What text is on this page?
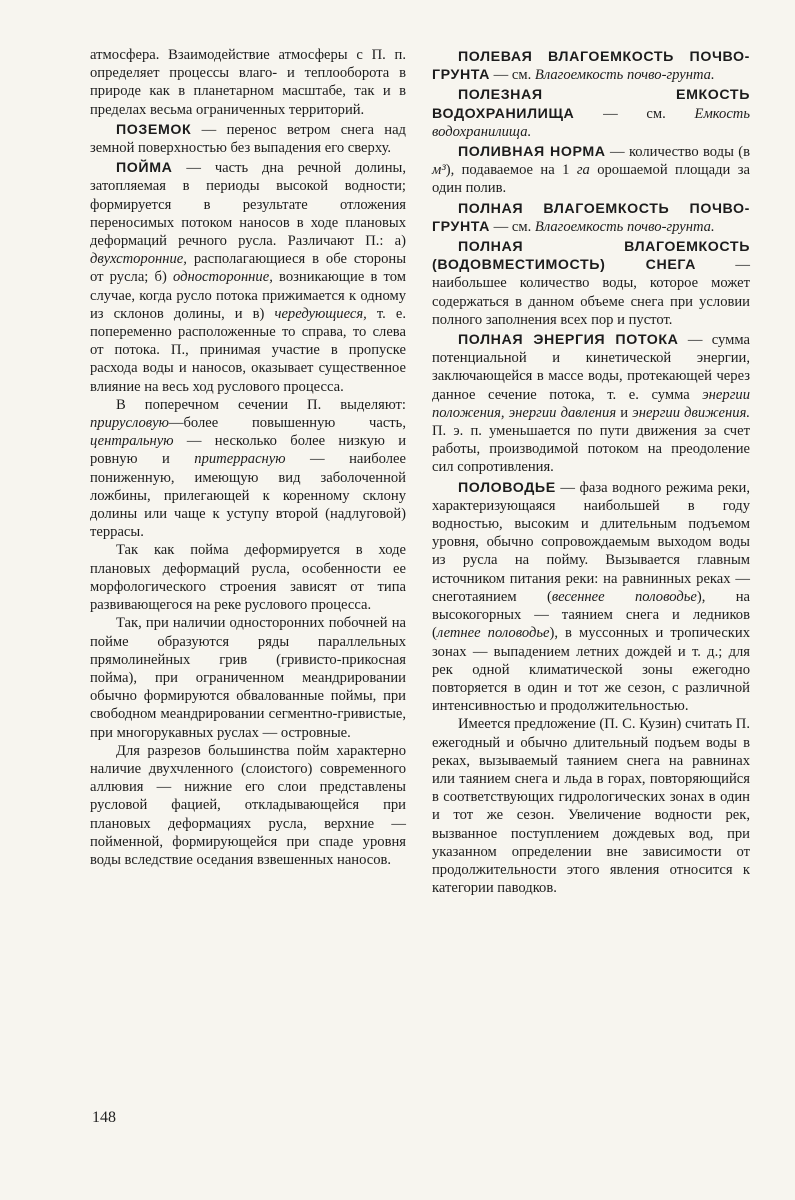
атмосфера. Взаимодействие атмосферы с П. п. определяет процессы влаго- и теплооборота в природе как в планетарном масштабе, так и в пределах весьма ограниченных территорий.

ПОЗЕМОК — перенос ветром снега над земной поверхностью без выпадения его сверху.

ПОЙМА — часть дна речной долины, затопляемая в периоды высокой водности; формируется в результате отложения переносимых потоком наносов в ходе плановых деформаций речного русла. Различают П.: а) двухсторонние, располагающиеся в обе стороны от русла; б) односторонние, возникающие в том случае, когда русло потока прижимается к одному из склонов долины, и в) чередующиеся, т. е. попеременно расположенные то справа, то слева от потока. П., принимая участие в пропуске расхода воды и наносов, оказывает существенное влияние на весь ход руслового процесса.

В поперечном сечении П. выделяют: прирусловую—более повышенную часть, центральную — несколько более низкую и ровную и притеррасную — наиболее пониженную, имеющую вид заболоченной ложбины, прилегающей к коренному склону долины или чаще к уступу второй (надлуговой) террасы.

Так как пойма деформируется в ходе плановых деформаций русла, особенности ее морфологического строения зависят от типа развивающегося на реке руслового процесса.

Так, при наличии односторонних побочней на пойме образуются ряды параллельных прямолинейных грив (гривисто-прикосная пойма), при ограниченном меандрировании обычно формируются обвалованные поймы, при свободном меандрировании сегментно-гривистые, при многорукавных руслах — островные.

Для разрезов большинства пойм характерно наличие двухчленного (слоистого) современного аллювия — нижние его слои представлены русловой фацией, откладывающейся при плановых деформациях русла, верхние — пойменной, формирующейся при спаде уровня воды вследствие оседания взвешенных наносов.

ПОЛЕВАЯ ВЛАГОЕМКОСТЬ ПОЧВО-ГРУНТА — см. Влагоемкость почво-грунта.

ПОЛЕЗНАЯ ЕМКОСТЬ ВОДОХРАНИЛИЩА — см. Емкость водохранилища.

ПОЛИВНАЯ НОРМА — количество воды (в м³), подаваемое на 1 га орошаемой площади за один полив.

ПОЛНАЯ ВЛАГОЕМКОСТЬ ПОЧВО-ГРУНТА — см. Влагоемкость почво-грунта.

ПОЛНАЯ ВЛАГОЕМКОСТЬ (ВОДОВМЕСТИМОСТЬ) СНЕГА — наибольшее количество воды, которое может содержаться в данном объеме снега при условии полного заполнения всех пор и пустот.

ПОЛНАЯ ЭНЕРГИЯ ПОТОКА — сумма потенциальной и кинетической энергии, заключающейся в массе воды, протекающей через данное сечение потока, т. е. сумма энергии положения, энергии давления и энергии движения. П. э. п. уменьшается по пути движения за счет работы, производимой потоком на преодоление сил сопротивления.

ПОЛОВОДЬЕ — фаза водного режима реки, характеризующаяся наибольшей в году водностью, высоким и длительным подъемом уровня, обычно сопровождаемым выходом воды из русла на пойму. Вызывается главным источником питания реки: на равнинных реках — снеготаянием (весеннее половодье), на высокогорных — таянием снега и ледников (летнее половодье), в муссонных и тропических зонах — выпадением летних дождей и т. д.; для рек одной климатической зоны ежегодно повторяется в один и тот же сезон, с различной интенсивностью и продолжительностью.

Имеется предложение (П. С. Кузин) считать П. ежегодный и обычно длительный подъем воды в реках, вызываемый таянием снега на равнинах или таянием снега и льда в горах, повторяющийся в соответствующих гидрологических зонах в один и тот же сезон. Увеличение водности рек, вызванное поступлением дождевых вод, при указанном определении вне зависимости от продолжительности этого явления относится к категории паводков.

148
